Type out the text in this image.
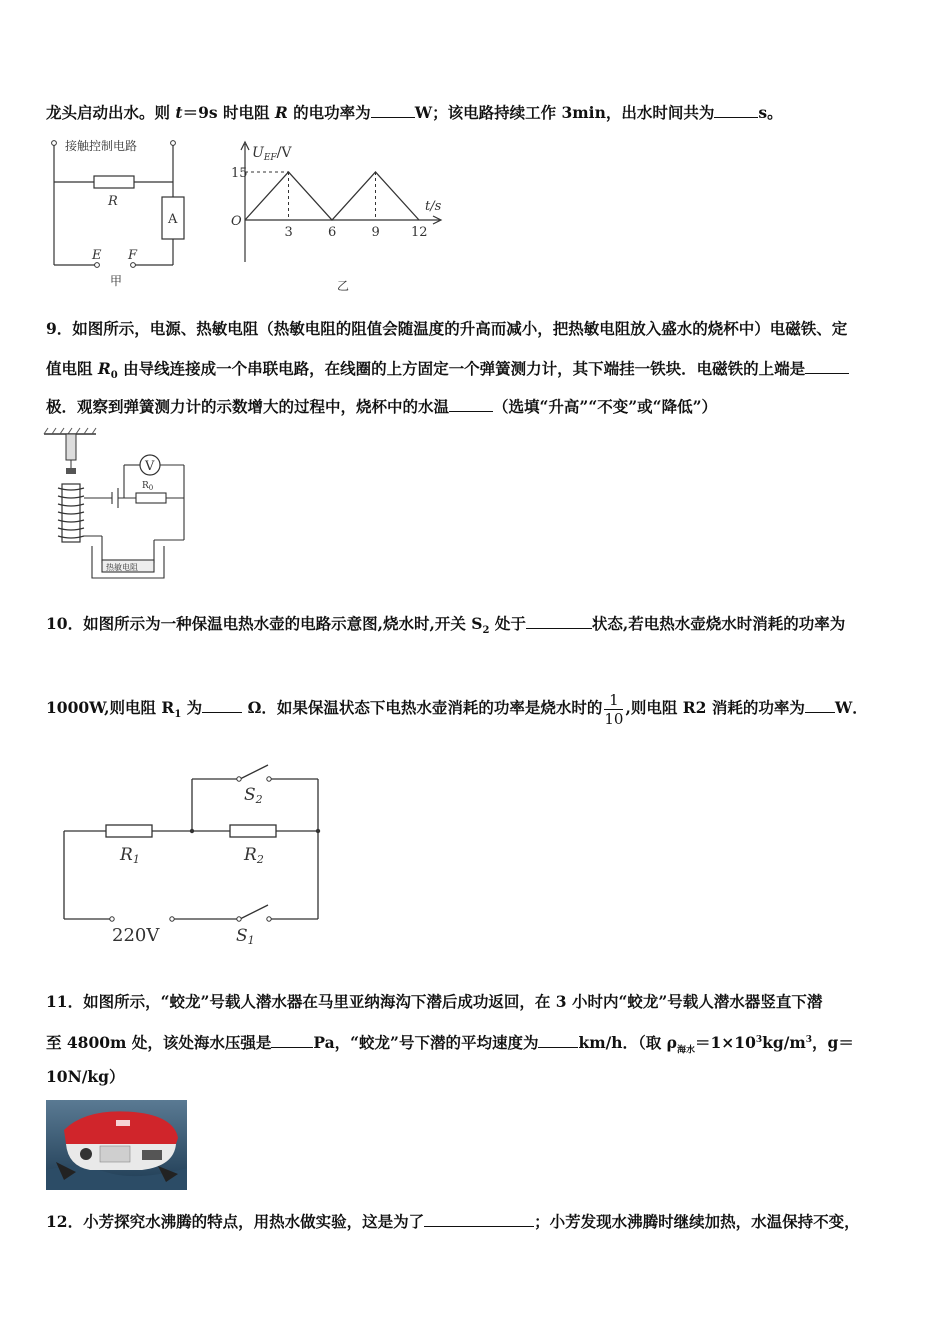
龙头启动出水。则 t＝9s 时电阻 R 的电功率为	W；该电路持续工作 3min，出水时间共为	s。
接触控制电路
R
A
E F
甲
$U_{EF}/V$
15
O
t/s
3	6	9 12
乙
9．如图所示，电源、热敏电阻（热敏电阻的阻值会随温度的升高而减小，把热敏电阻放入盛水的烧杯中）电磁铁、定
值电阻 $R_0$ 由导线连接成一个串联电路，在线圈的上方固定一个弹簧测力计，其下端挂一铁块．电磁铁的上端是
极．观察到弹簧测力计的示数增大的过程中，烧杯中的水温	（选填“升高”“不变”或“降低”）
V
$R_0$
热敏电阻
10．如图所示为一种保温电热水壶的电路示意图,烧水时,开关 $S_2$ 处于	状态,若电热水壶烧水时消耗的功率为
1000W,则电阻 $R_1$ 为	Ω．如果保温状态下电热水壶消耗的功率是烧水时的 $\frac{1}{10}$ ,则电阻 R2 消耗的功率为 W．
S2
R1	R2
220V	S1
11．如图所示，“蛟龙”号载人潜水器在马里亚纳海沟下潜后成功返回，在 3 小时内“蛟龙”号载人潜水器竖直下潜
至 4800m 处，该处海水压强是	Pa，“蛟龙”号下潜的平均速度为	km/h．（取 $\rho_{海水}=1\times 10^3kg/m^3$，g＝
10N/kg）
12．小芳探究水沸腾的特点，用热水做实验，这是为了	；小芳发现水沸腾时继续加热，水温保持不变，
